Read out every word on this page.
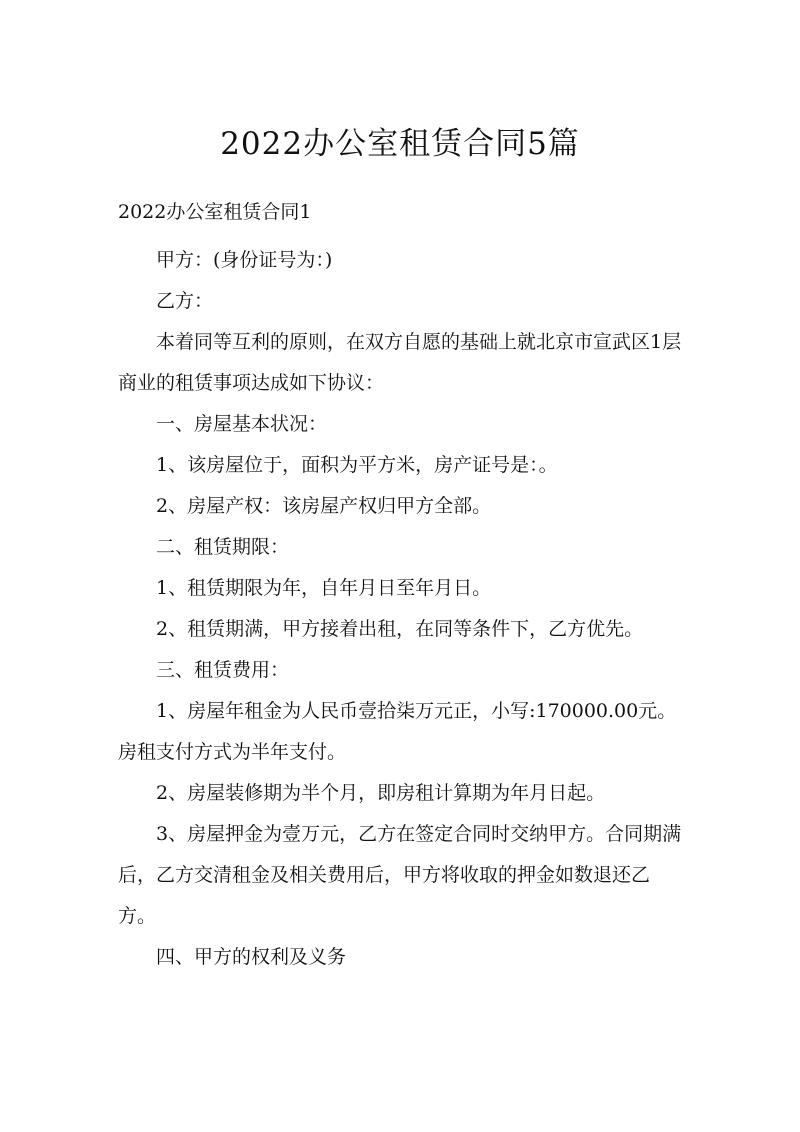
2022办公室租赁合同5篇
2022办公室租赁合同1

甲方：(身份证号为：)

乙方：

本着同等互利的原则，在双方自愿的基础上就北京市宣武区1层商业的租赁事项达成如下协议：

一、房屋基本状况：

1、该房屋位于，面积为平方米，房产证号是：。

2、房屋产权：该房屋产权归甲方全部。

二、租赁期限：

1、租赁期限为年，自年月日至年月日。

2、租赁期满，甲方接着出租，在同等条件下，乙方优先。

三、租赁费用：

1、房屋年租金为人民币壹拾柒万元正，小写:170000.00元。房租支付方式为半年支付。

2、房屋装修期为半个月，即房租计算期为年月日起。

3、房屋押金为壹万元，乙方在签定合同时交纳甲方。合同期满后，乙方交清租金及相关费用后，甲方将收取的押金如数退还乙方。

四、甲方的权利及义务
